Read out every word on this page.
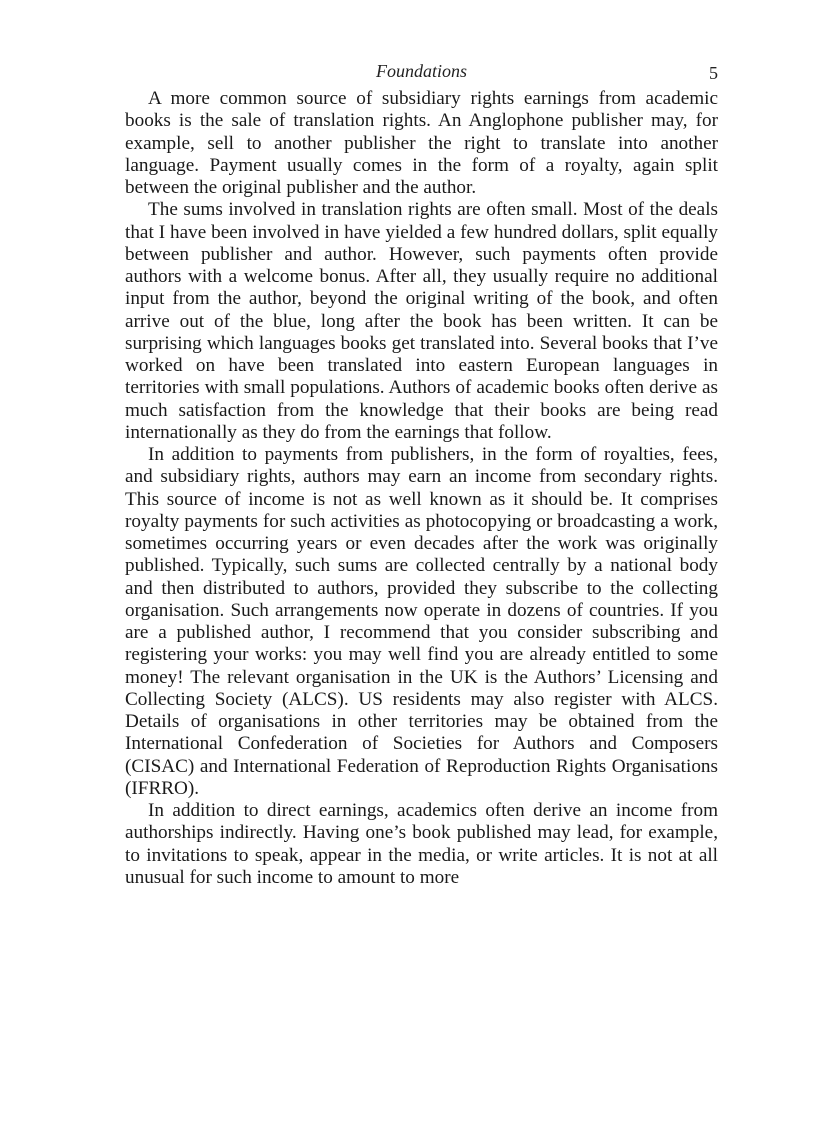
Foundations	5

A more common source of subsidiary rights earnings from academic books is the sale of translation rights. An Anglophone publisher may, for example, sell to another publisher the right to translate into another language. Payment usually comes in the form of a royalty, again split between the original publisher and the author.

The sums involved in translation rights are often small. Most of the deals that I have been involved in have yielded a few hundred dollars, split equally between publisher and author. However, such payments often provide authors with a welcome bonus. After all, they usually require no additional input from the author, beyond the original writing of the book, and often arrive out of the blue, long after the book has been written. It can be surprising which languages books get translated into. Several books that I’ve worked on have been translated into eastern European languages in territories with small populations. Authors of academic books often derive as much satisfaction from the knowledge that their books are being read internationally as they do from the earnings that follow.

In addition to payments from publishers, in the form of royalties, fees, and subsidiary rights, authors may earn an income from secondary rights. This source of income is not as well known as it should be. It comprises royalty payments for such activities as photocopying or broadcasting a work, sometimes occurring years or even decades after the work was originally published. Typically, such sums are collected centrally by a national body and then distributed to authors, provided they subscribe to the collecting organisation. Such arrangements now operate in dozens of countries. If you are a published author, I recommend that you consider subscribing and registering your works: you may well find you are already entitled to some money! The relevant organisation in the UK is the Authors’ Licensing and Collecting Society (ALCS). US residents may also register with ALCS. Details of organisations in other territories may be obtained from the International Confederation of Societies for Authors and Composers (CISAC) and International Federation of Reproduction Rights Organisations (IFRRO).

In addition to direct earnings, academics often derive an income from authorships indirectly. Having one’s book published may lead, for example, to invitations to speak, appear in the media, or write articles. It is not at all unusual for such income to amount to more
